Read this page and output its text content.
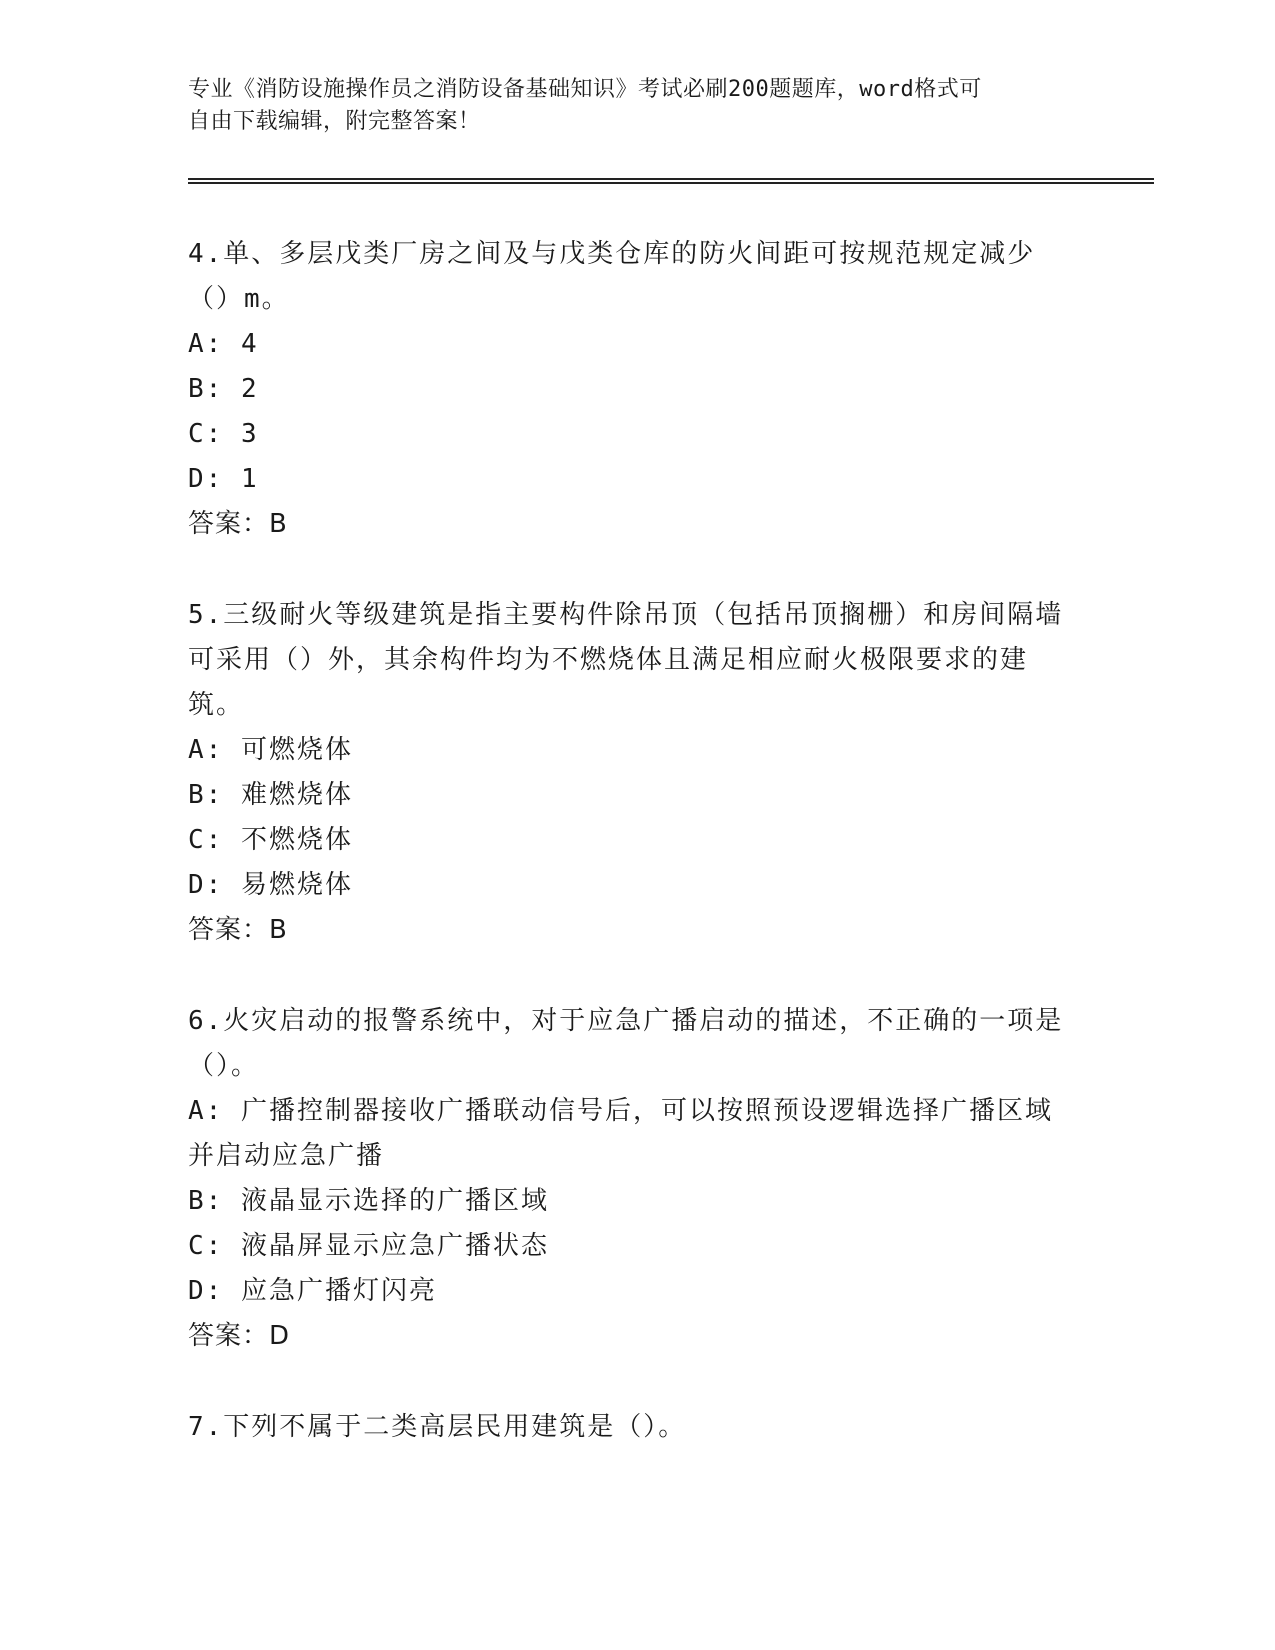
专业《消防设施操作员之消防设备基础知识》考试必刷200题题库，word格式可
自由下载编辑，附完整答案！
4.单、多层戊类厂房之间及与戊类仓库的防火间距可按规范规定减少（）m。
A: 4
B: 2
C: 3
D: 1
答案：B
5.三级耐火等级建筑是指主要构件除吊顶（包括吊顶搁栅）和房间隔墙可采用（）外，其余构件均为不燃烧体且满足相应耐火极限要求的建筑。
A: 可燃烧体
B: 难燃烧体
C: 不燃烧体
D: 易燃烧体
答案：B
6.火灾启动的报警系统中，对于应急广播启动的描述，不正确的一项是（）。
A: 广播控制器接收广播联动信号后，可以按照预设逻辑选择广播区域并启动应急广播
B: 液晶显示选择的广播区域
C: 液晶屏显示应急广播状态
D: 应急广播灯闪亮
答案：D
7.下列不属于二类高层民用建筑是（）。
